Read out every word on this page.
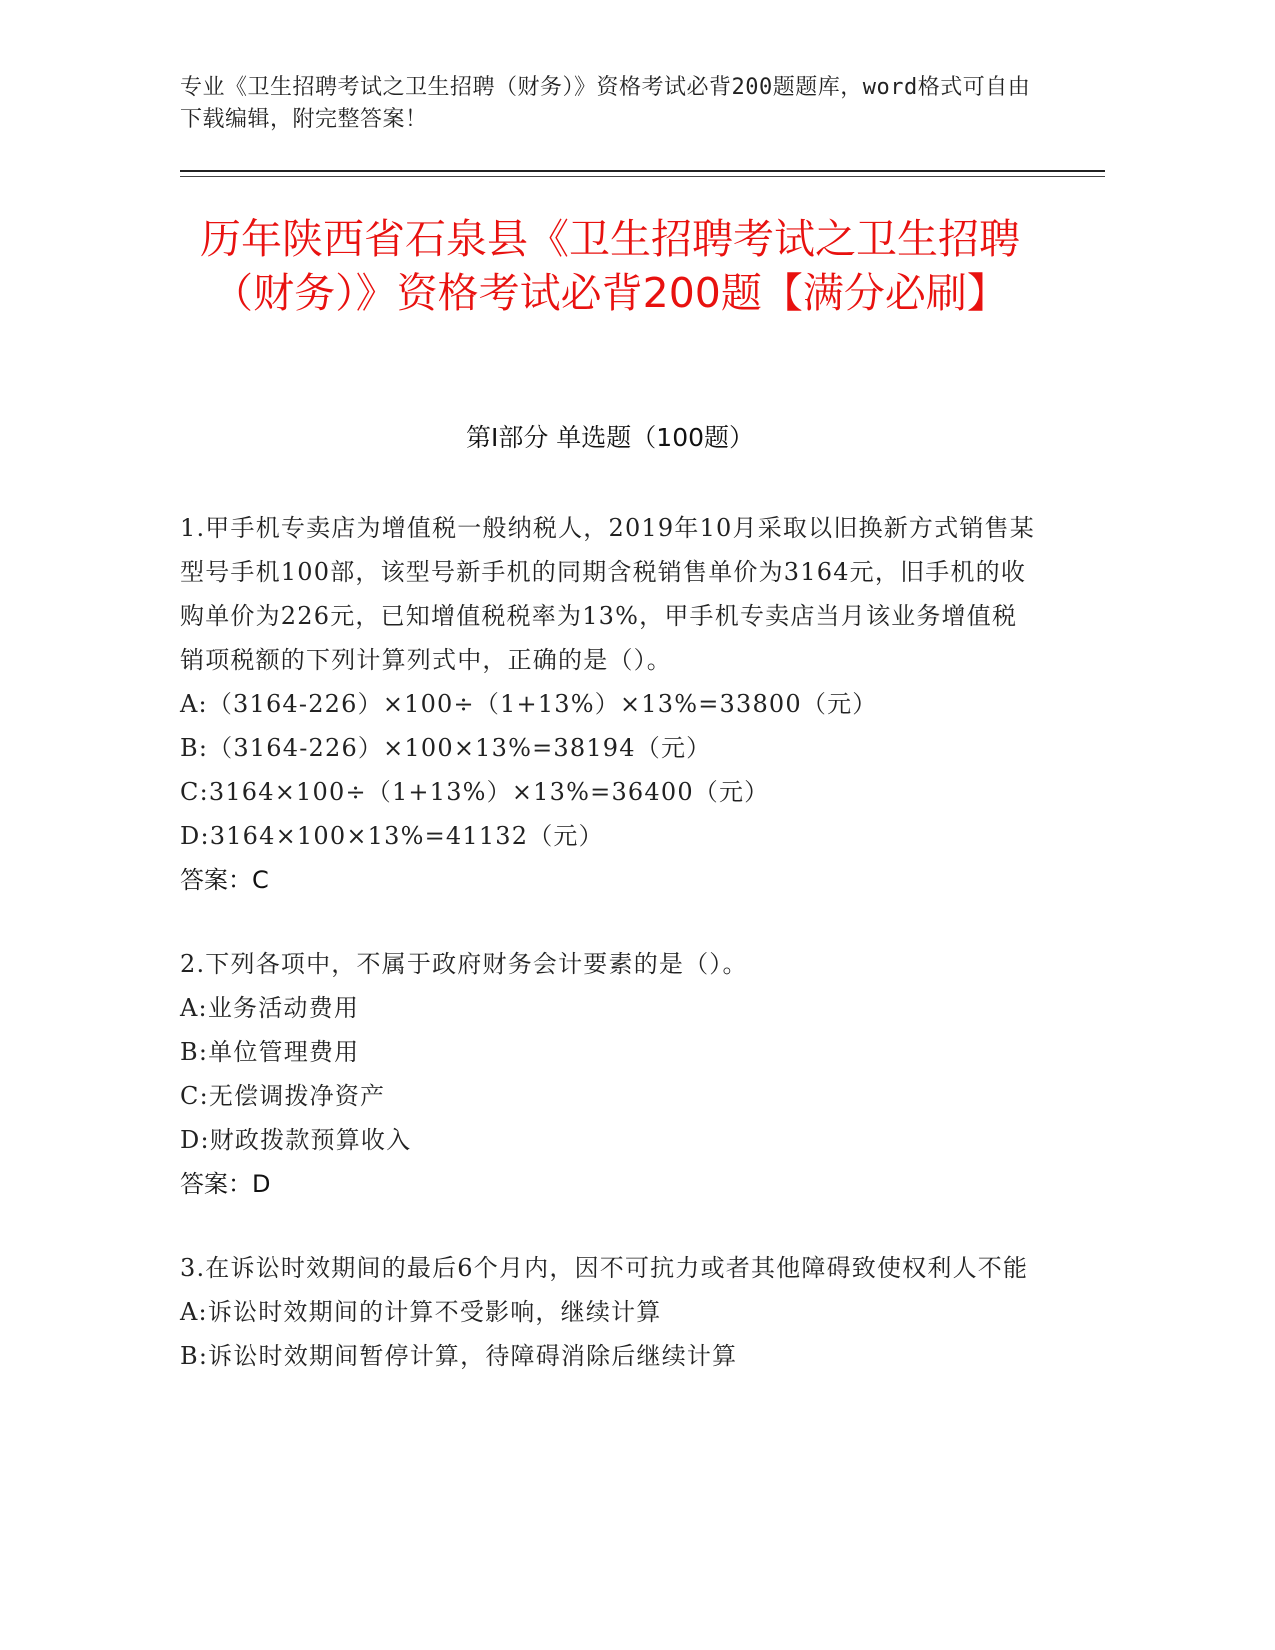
专业《卫生招聘考试之卫生招聘（财务）》资格考试必背200题题库，word格式可自由下载编辑，附完整答案！
历年陕西省石泉县《卫生招聘考试之卫生招聘（财务）》资格考试必背200题【满分必刷】
第I部分 单选题（100题）
1.甲手机专卖店为增值税一般纳税人，2019年10月采取以旧换新方式销售某型号手机100部，该型号新手机的同期含税销售单价为3164元，旧手机的收购单价为226元，已知增值税税率为13%，甲手机专卖店当月该业务增值税销项税额的下列计算列式中，正确的是（）。
A:（3164-226）×100÷（1+13%）×13%=33800（元）
B:（3164-226）×100×13%=38194（元）
C:3164×100÷（1+13%）×13%=36400（元）
D:3164×100×13%=41132（元）
答案：C
2.下列各项中，不属于政府财务会计要素的是（）。
A:业务活动费用
B:单位管理费用
C:无偿调拨净资产
D:财政拨款预算收入
答案：D
3.在诉讼时效期间的最后6个月内，因不可抗力或者其他障碍致使权利人不能
A:诉讼时效期间的计算不受影响，继续计算
B:诉讼时效期间暂停计算，待障碍消除后继续计算
